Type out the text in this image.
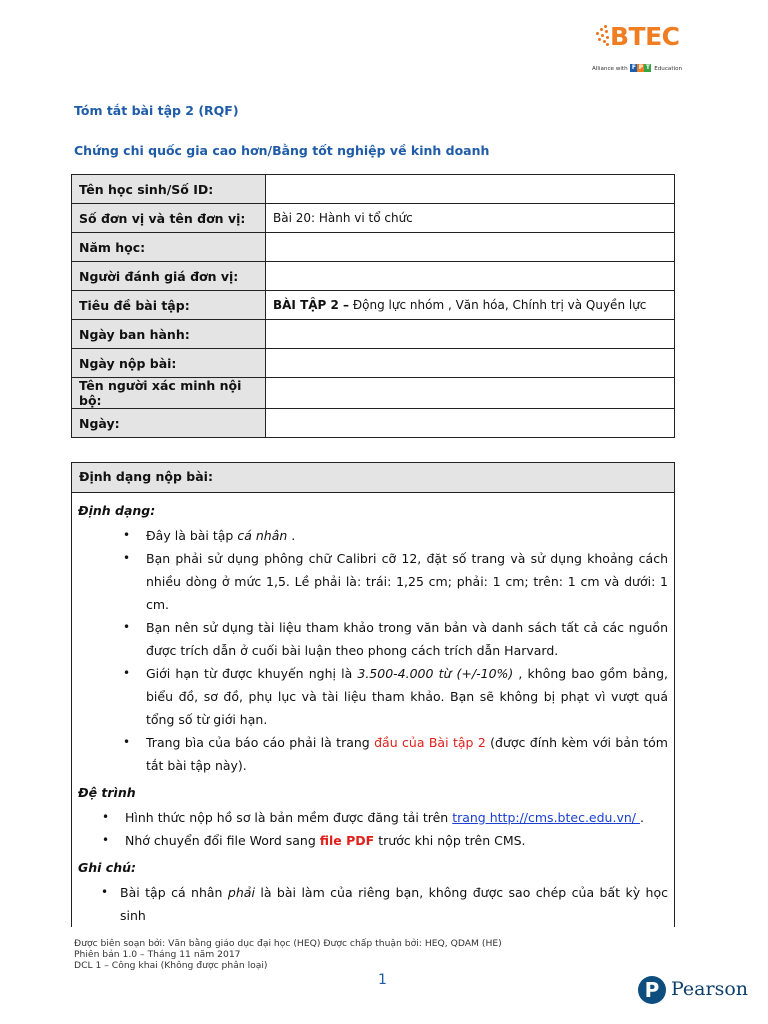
BTEC
Alliance with F P T Education
Tóm tắt bài tập 2 (RQF)
Chứng chi quốc gia cao hơn/Bằng tốt nghiệp về kinh doanh
Tên học sinh/Số ID:	
Số đơn vị và tên đơn vị:	Bài 20: Hành vi tổ chức
Năm học:	
Người đánh giá đơn vị:	
Tiêu đề bài tập:	BÀI TẬP 2 – Động lực nhóm , Văn hóa, Chính trị và Quyền lực
Ngày ban hành:	
Ngày nộp bài:	
Tên người xác minh nội bộ:	
Ngày:	
Định dạng nộp bài:
Định dạng:
• Đây là bài tập cá nhân .
• Bạn phải sử dụng phông chữ Calibri cỡ 12, đặt số trang và sử dụng khoảng cách nhiều dòng ở mức 1,5. Lề phải là: trái: 1,25 cm; phải: 1 cm; trên: 1 cm và dưới: 1 cm.
• Bạn nên sử dụng tài liệu tham khảo trong văn bản và danh sách tất cả các nguồn được trích dẫn ở cuối bài luận theo phong cách trích dẫn Harvard.
• Giới hạn từ được khuyến nghị là 3.500-4.000 từ (+/-10%) , không bao gồm bảng, biểu đồ, sơ đồ, phụ lục và tài liệu tham khảo. Bạn sẽ không bị phạt vì vượt quá tổng số từ giới hạn.
• Trang bìa của báo cáo phải là trang đầu của Bài tập 2 (được đính kèm với bản tóm tắt bài tập này).
Đệ trình
• Hình thức nộp hồ sơ là bản mềm được đăng tải trên trang http://cms.btec.edu.vn/ .
• Nhớ chuyển đổi file Word sang file PDF trước khi nộp trên CMS.
Ghi chú:
• Bài tập cá nhân phải là bài làm của riêng bạn, không được sao chép của bất kỳ học sinh
Được biên soạn bởi: Văn bằng giáo dục đại học (HEQ) Được chấp thuận bởi: HEQ, QDAM (HE)
Phiên bản 1.0 – Tháng 11 năm 2017
DCL 1 – Công khai (Không được phân loại)
1	P Pearson
